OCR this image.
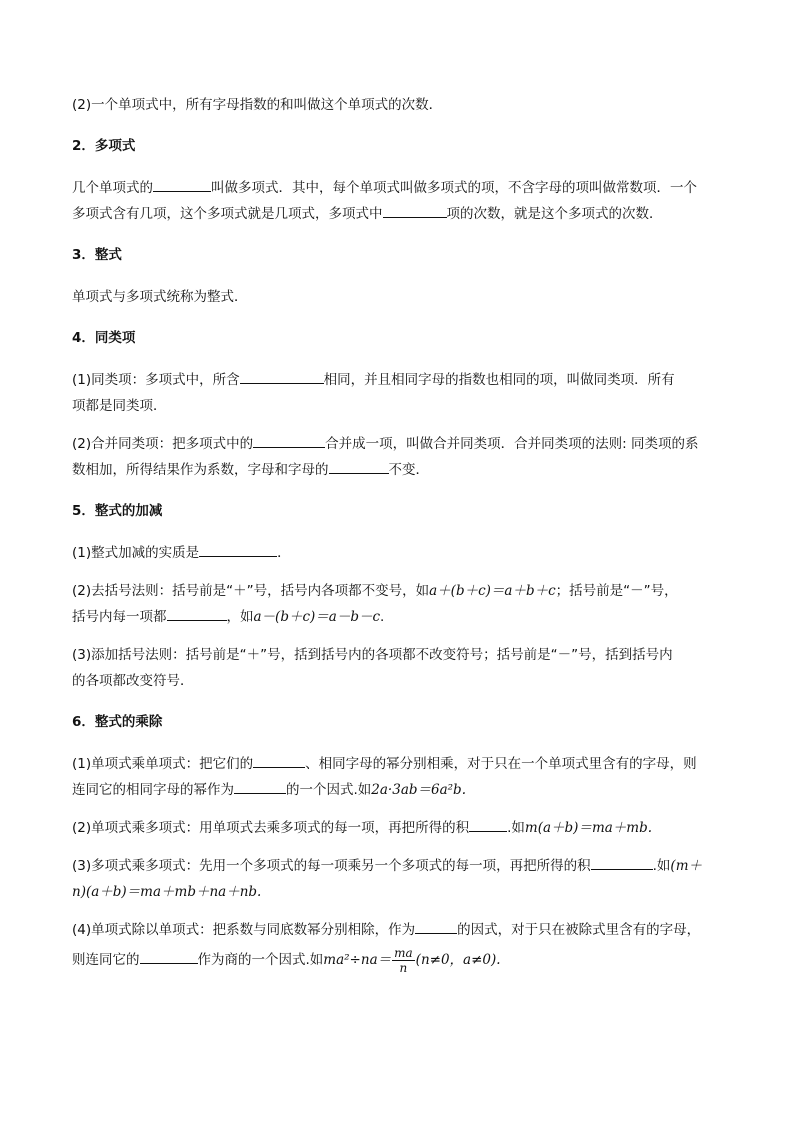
(2)一个单项式中，所有字母指数的和叫做这个单项式的次数．

2．多项式

几个单项式的	叫做多项式．其中，每个单项式叫做多项式的项，不含字母的项叫做常数项．一个

多项式含有几项，这个多项式就是几项式，多项式中	项的次数，就是这个多项式的次数．

3．整式

单项式与多项式统称为整式．

4．同类项

(1)同类项：多项式中，所含	相同，并且相同字母的指数也相同的项，叫做同类项．所有

项都是同类项．

(2)合并同类项：把多项式中的	合并成一项，叫做合并同类项．合并同类项的法则: 同类项的系

数相加，所得结果作为系数，字母和字母的	不变．

5．整式的加减

(1)整式加减的实质是	．

(2)去括号法则：括号前是“＋”号，括号内各项都不变号，如a＋(b＋c)＝a＋b＋c；括号前是“－”号，

括号内每一项都	，如a－(b＋c)＝a－b－c.

(3)添加括号法则：括号前是“＋”号，括到括号内的各项都不改变符号；括号前是“－”号，括到括号内

的各项都改变符号．

6．整式的乘除

(1)单项式乘单项式：把它们的	、相同字母的幂分别相乘，对于只在一个单项式里含有的字母，则

连同它的相同字母的幂作为	的一个因式.如2a·3ab＝6a²b.

(2)单项式乘多项式：用单项式去乘多项式的每一项，再把所得的积	.如m(a＋b)＝ma＋mb.

(3)多项式乘多项式：先用一个多项式的每一项乘另一个多项式的每一项，再把所得的积	.如(m＋

n)(a＋b)＝ma＋mb＋na＋nb.

(4)单项式除以单项式：把系数与同底数幂分别相除，作为	的因式，对于只在被除式里含有的字母，

则连同它的	作为商的一个因式.如$ma^2\div na= \frac{ma}{n} (n\ne 0$，a≠0).
